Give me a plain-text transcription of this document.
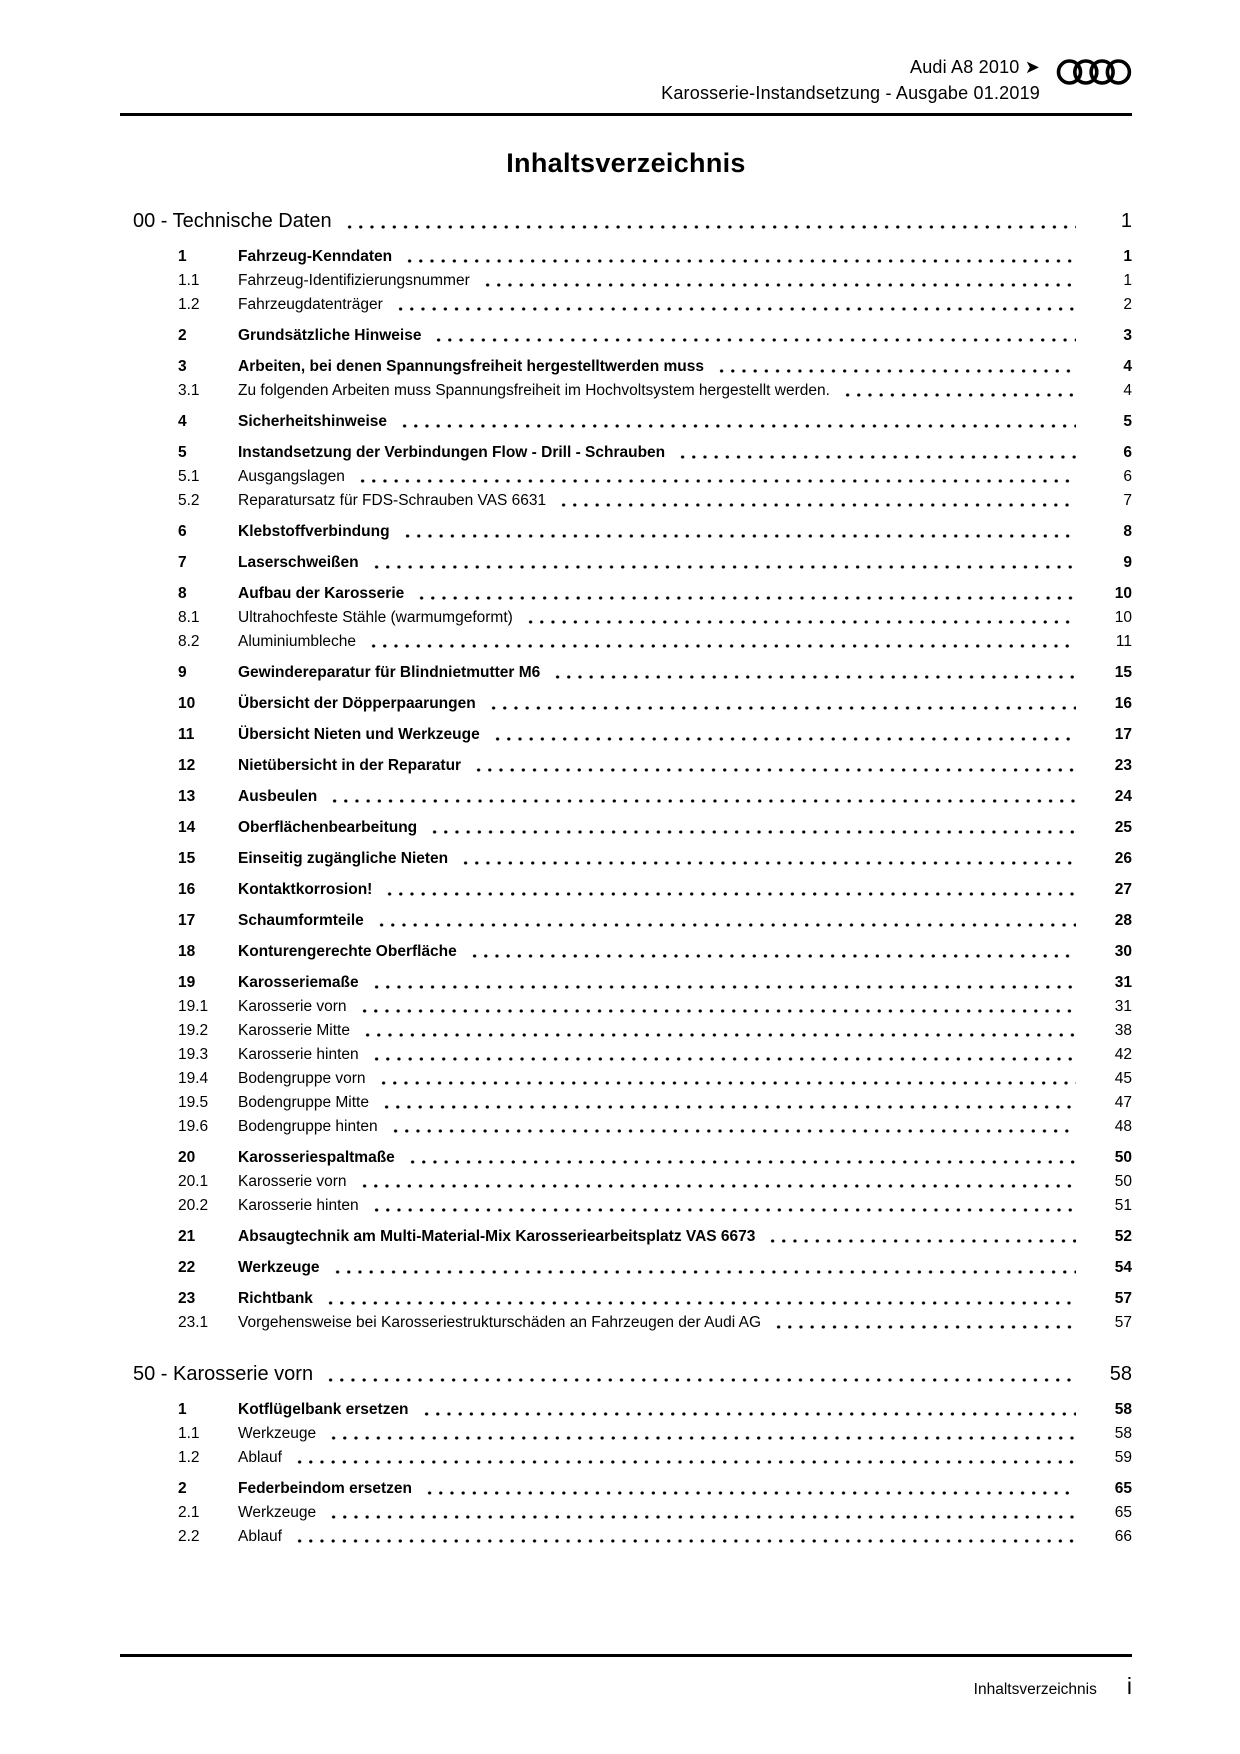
Audi A8 2010 ➤
Karosserie-Instandsetzung - Ausgabe 01.2019
Inhaltsverzeichnis
00 - Technische Daten	1
1	Fahrzeug-Kenndaten	1
1.1	Fahrzeug-Identifizierungsnummer	1
1.2	Fahrzeugdatenträger	2
2	Grundsätzliche Hinweise	3
3	Arbeiten, bei denen Spannungsfreiheit hergestelltwerden muss	4
3.1	Zu folgenden Arbeiten muss Spannungsfreiheit im Hochvoltsystem hergestellt werden.	4
4	Sicherheitshinweise	5
5	Instandsetzung der Verbindungen Flow - Drill - Schrauben	6
5.1	Ausgangslagen	6
5.2	Reparatursatz für FDS-Schrauben VAS 6631	7
6	Klebstoffverbindung	8
7	Laserschweißen	9
8	Aufbau der Karosserie	10
8.1	Ultrahochfeste Stähle (warmumgeformt)	10
8.2	Aluminiumbleche	11
9	Gewindereparatur für Blindnietmutter M6	15
10	Übersicht der Döpperpaarungen	16
11	Übersicht Nieten und Werkzeuge	17
12	Nietübersicht in der Reparatur	23
13	Ausbeulen	24
14	Oberflächenbearbeitung	25
15	Einseitig zugängliche Nieten	26
16	Kontaktkorrosion!	27
17	Schaumformteile	28
18	Konturengerechte Oberfläche	30
19	Karosseriemaße	31
19.1	Karosserie vorn	31
19.2	Karosserie Mitte	38
19.3	Karosserie hinten	42
19.4	Bodengruppe vorn	45
19.5	Bodengruppe Mitte	47
19.6	Bodengruppe hinten	48
20	Karosseriespaltmaße	50
20.1	Karosserie vorn	50
20.2	Karosserie hinten	51
21	Absaugtechnik am Multi-Material-Mix Karosseriearbeitsplatz VAS 6673	52
22	Werkzeuge	54
23	Richtbank	57
23.1	Vorgehensweise bei Karosseriestrukturschäden an Fahrzeugen der Audi AG	57
50 - Karosserie vorn	58
1	Kotflügelbank ersetzen	58
1.1	Werkzeuge	58
1.2	Ablauf	59
2	Federbeindom ersetzen	65
2.1	Werkzeuge	65
2.2	Ablauf	66
Inhaltsverzeichnis i
